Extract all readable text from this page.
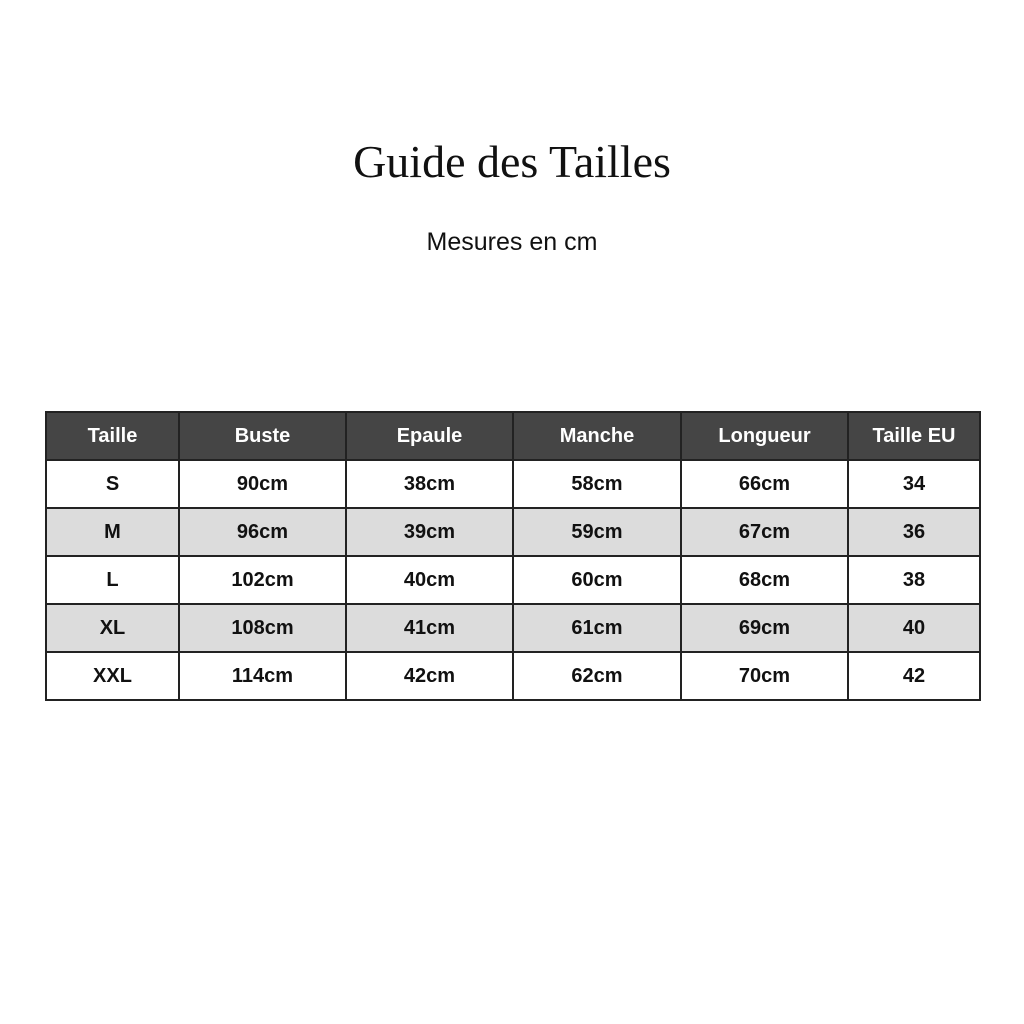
Guide des Tailles
Mesures en cm
Taille	Buste	Epaule	Manche	Longueur	Taille EU
S	90cm	38cm	58cm	66cm	34
M	96cm	39cm	59cm	67cm	36
L	102cm	40cm	60cm	68cm	38
XL	108cm	41cm	61cm	69cm	40
XXL	114cm	42cm	62cm	70cm	42
